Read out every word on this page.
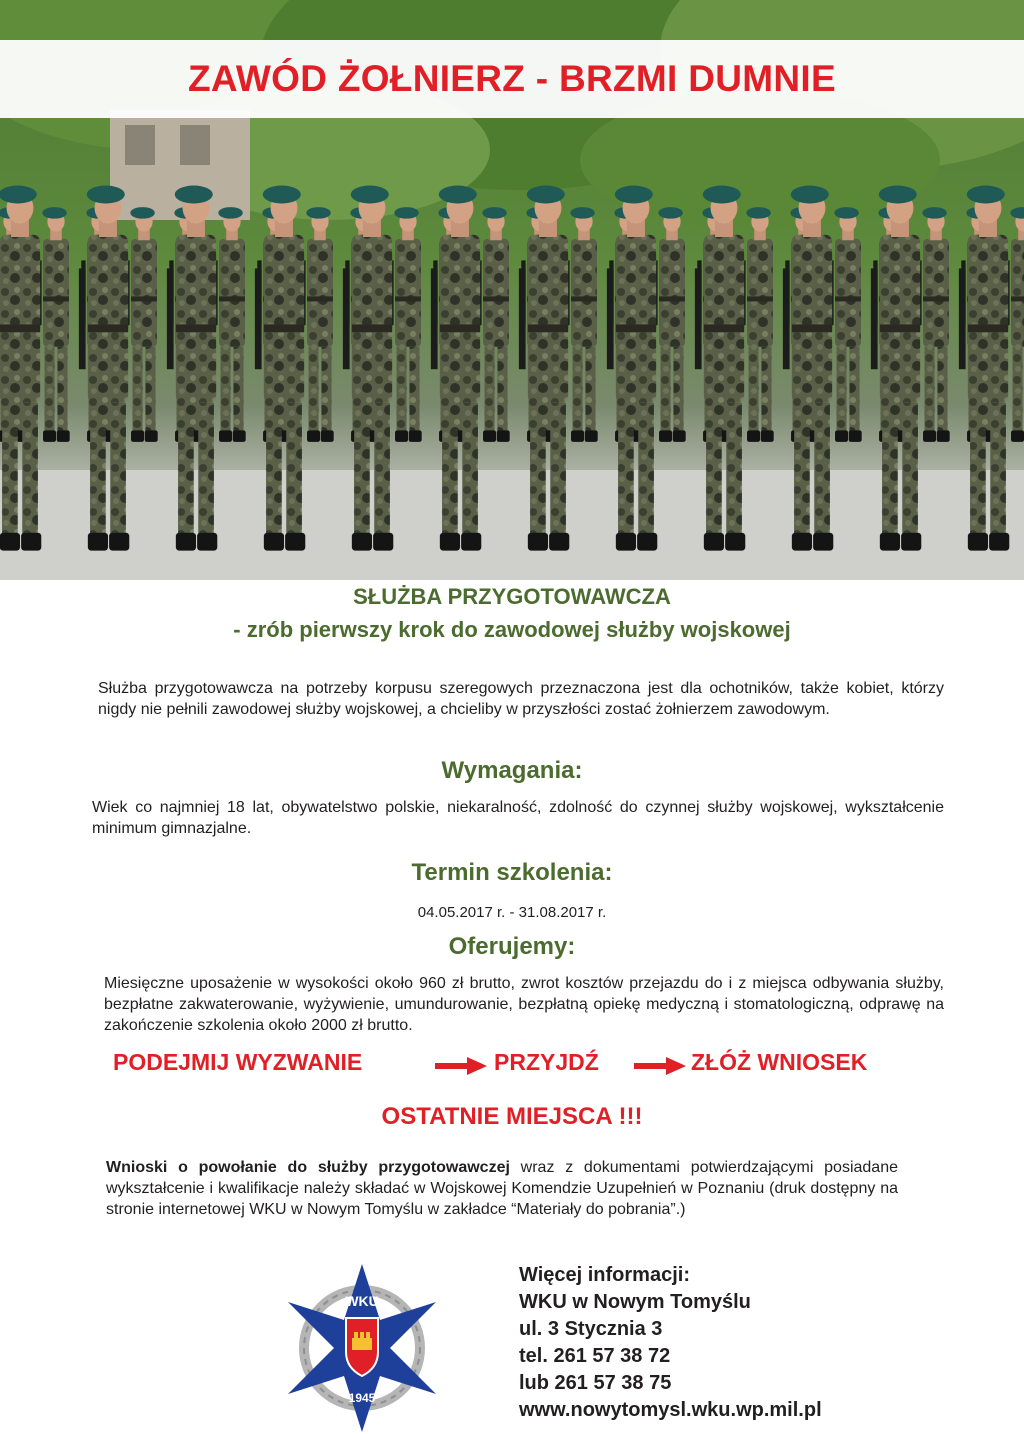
ZAWÓD ŻOŁNIERZ - BRZMI DUMNIE
SŁUŻBA PRZYGOTOWAWCZA
- zrób pierwszy krok do zawodowej służby wojskowej
Służba przygotowawcza na potrzeby korpusu szeregowych przeznaczona jest dla ochotników, także kobiet, którzy nigdy nie pełnili zawodowej służby wojskowej, a chcieliby w przyszłości zostać żołnierzem zawodowym.
Wymagania:
Wiek co najmniej 18 lat, obywatelstwo polskie, niekaralność, zdolność do czynnej służby wojskowej, wykształcenie minimum gimnazjalne.
Termin szkolenia:
04.05.2017 r. - 31.08.2017 r.
Oferujemy:
Miesięczne uposażenie w wysokości około 960 zł brutto, zwrot kosztów przejazdu do i z miejsca odbywania służby, bezpłatne zakwaterowanie, wyżywienie, umundurowanie, bezpłatną opiekę medyczną i stomatologiczną, odprawę na zakończenie szkolenia około 2000 zł brutto.
PODEJMIJ WYZWANIE	PRZYJDŹ	ZŁÓŻ WNIOSEK
OSTATNIE MIEJSCA !!!
Wnioski o powołanie do służby przygotowawczej wraz z dokumentami potwierdzającymi posiadane wykształcenie i kwalifikacje należy składać w Wojskowej Komendzie Uzupełnień w Poznaniu (druk dostępny na stronie internetowej WKU w Nowym Tomyślu w zakładce “Materiały do pobrania”.)
WKU
1945
Więcej informacji:
WKU w Nowym Tomyślu
ul. 3 Stycznia 3
tel. 261 57 38 72
lub 261 57 38 75
www.nowytomysl.wku.wp.mil.pl
